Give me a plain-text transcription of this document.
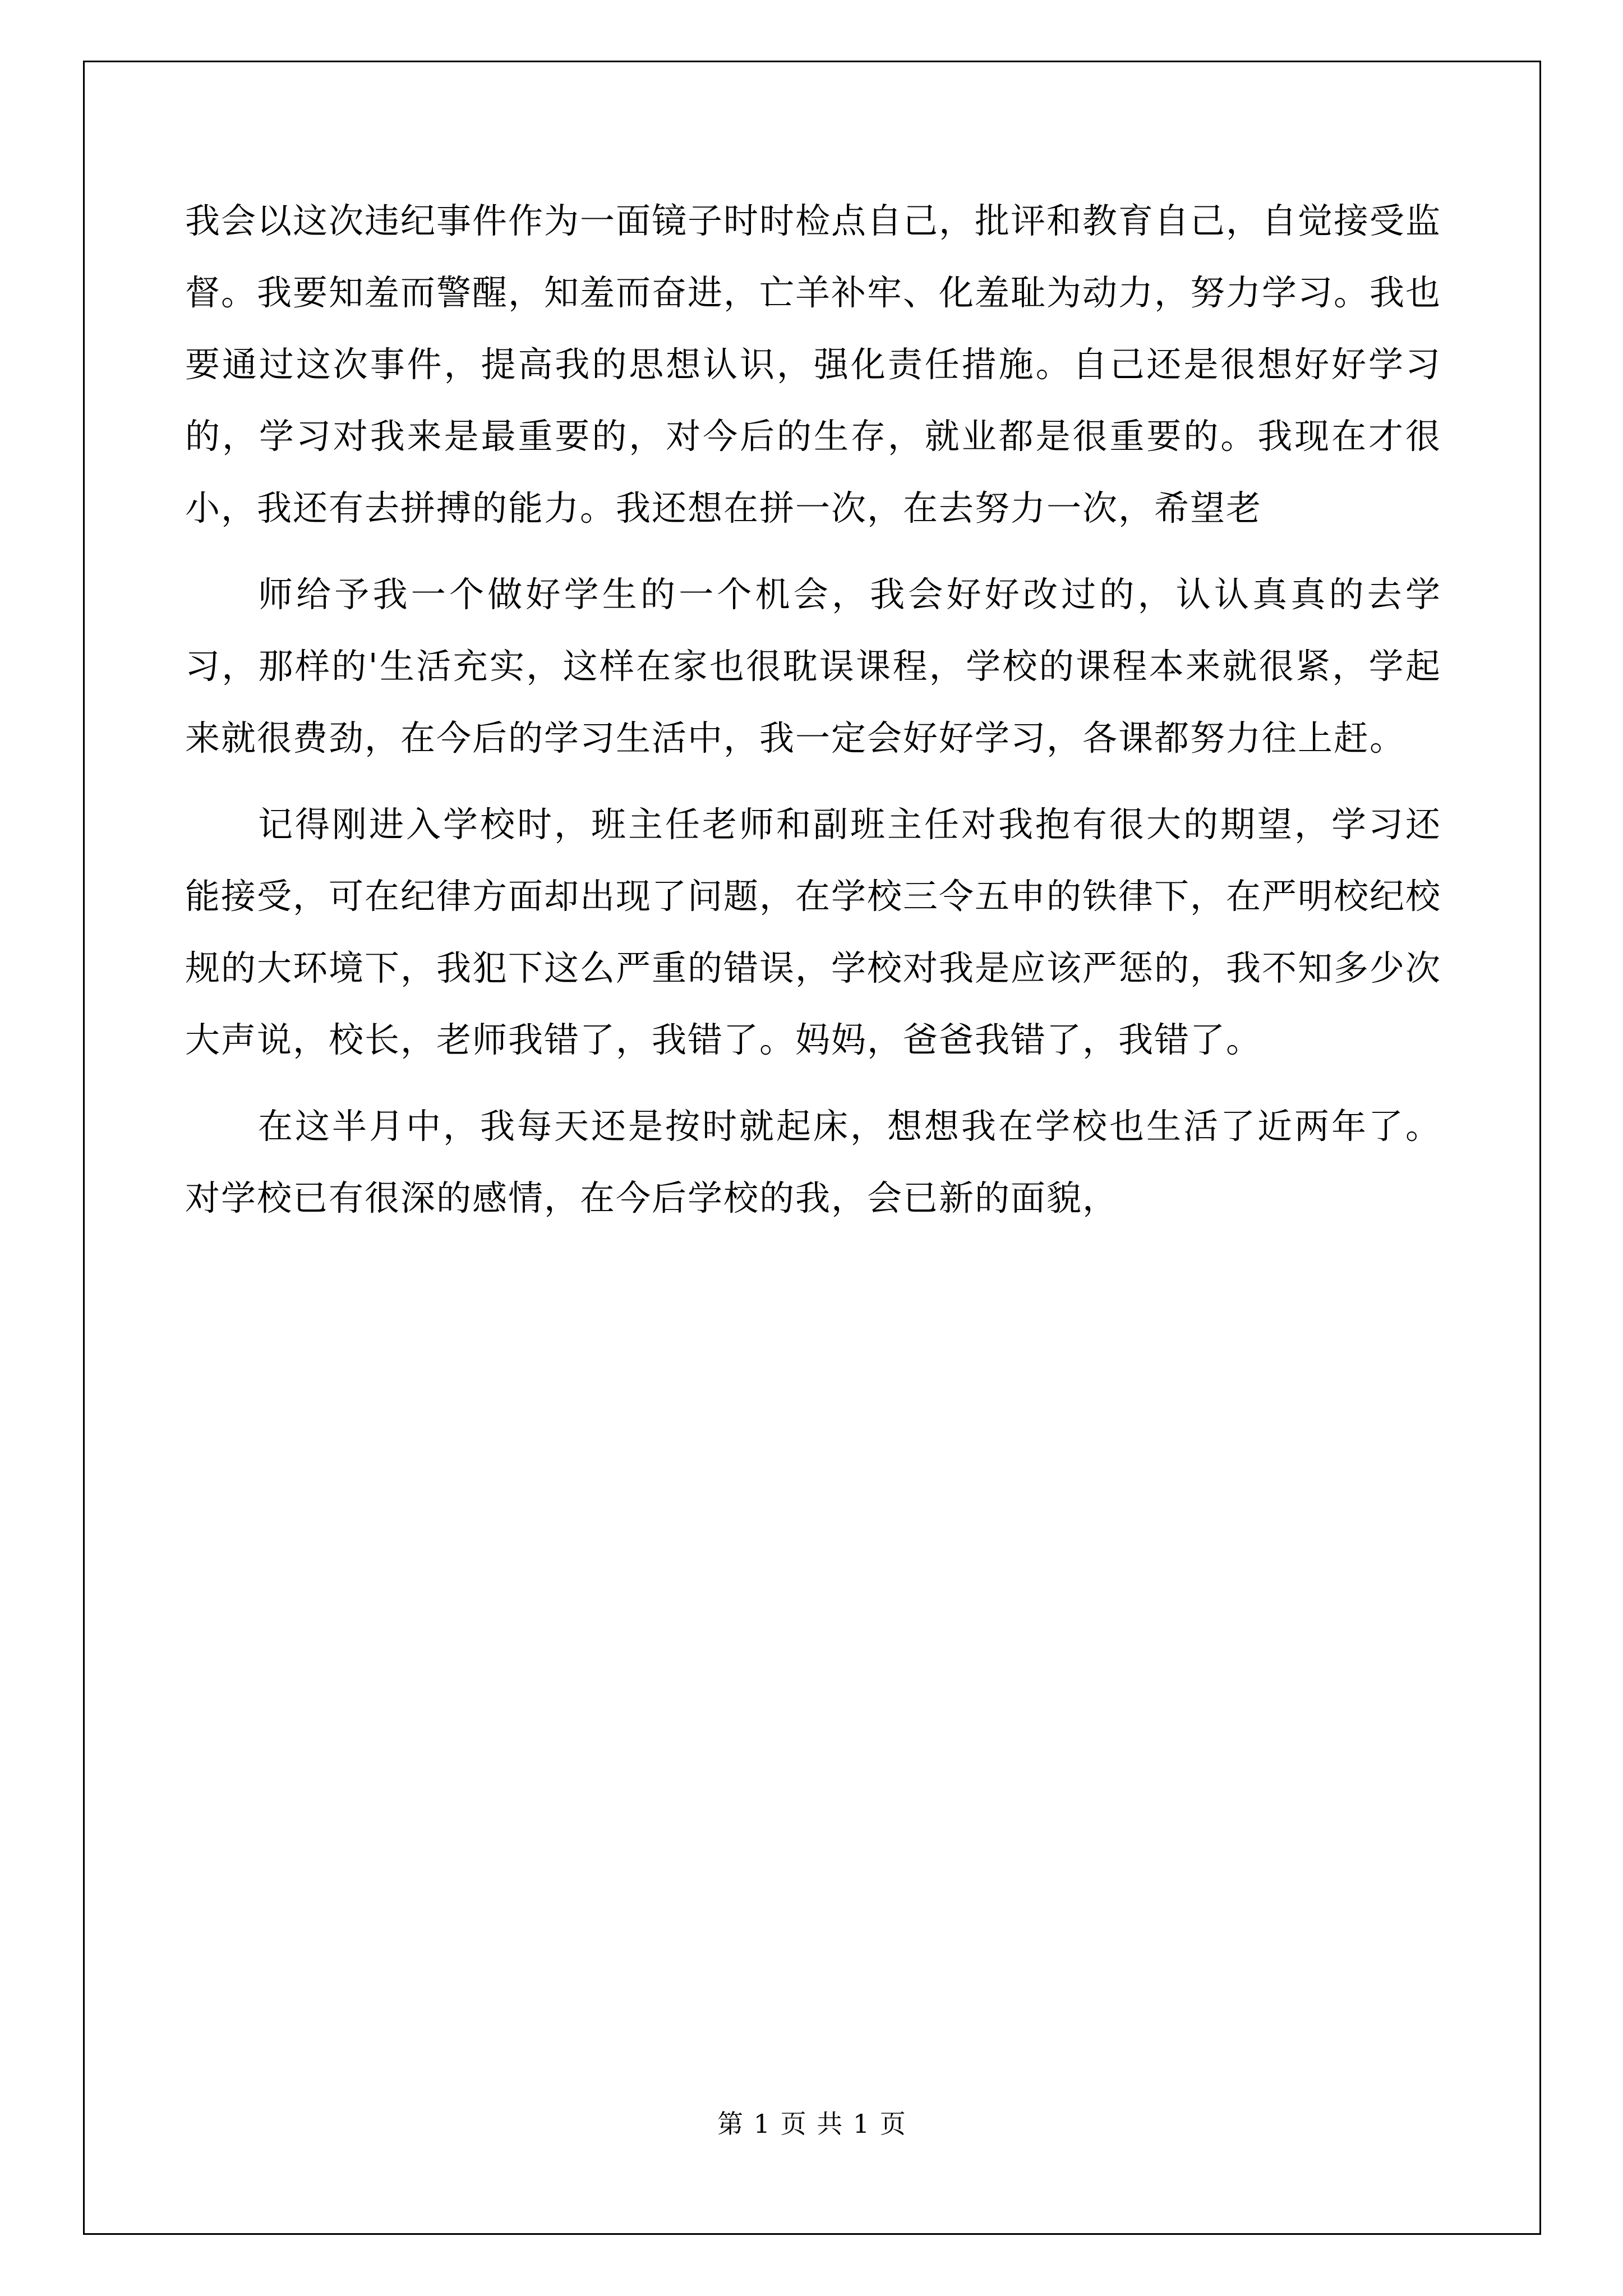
我会以这次违纪事件作为一面镜子时时检点自己，批评和教育自己，自觉接受监督。我要知羞而警醒，知羞而奋进，亡羊补牢、化羞耻为动力，努力学习。我也要通过这次事件，提高我的思想认识，强化责任措施。自己还是很想好好学习的，学习对我来是最重要的，对今后的生存，就业都是很重要的。我现在才很小，我还有去拼搏的能力。我还想在拼一次，在去努力一次，希望老

师给予我一个做好学生的一个机会，我会好好改过的，认认真真的去学习，那样的'生活充实，这样在家也很耽误课程，学校的课程本来就很紧，学起来就很费劲，在今后的学习生活中，我一定会好好学习，各课都努力往上赶。

记得刚进入学校时，班主任老师和副班主任对我抱有很大的期望，学习还能接受，可在纪律方面却出现了问题，在学校三令五申的铁律下，在严明校纪校规的大环境下，我犯下这么严重的错误，学校对我是应该严惩的，我不知多少次大声说，校长，老师我错了，我错了。妈妈，爸爸我错了，我错了。

在这半月中，我每天还是按时就起床，想想我在学校也生活了近两年了。对学校已有很深的感情，在今后学校的我，会已新的面貌，

第 1 页 共 1 页
